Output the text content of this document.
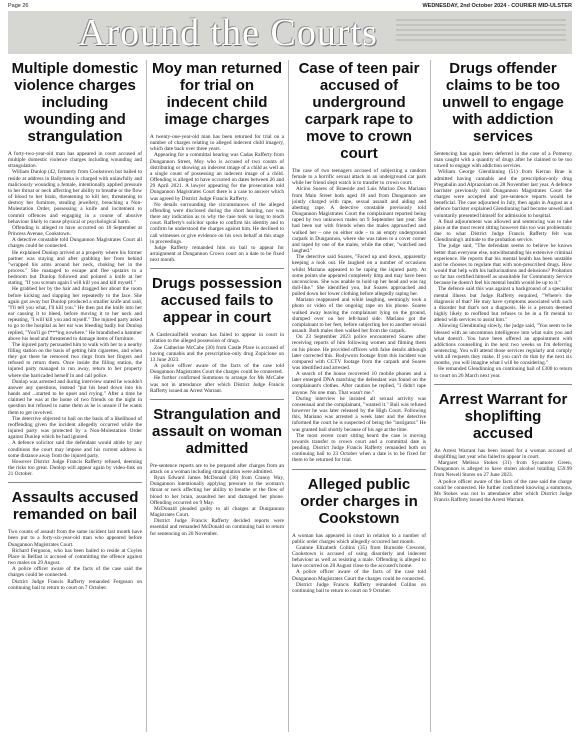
Page 26	WEDNESDAY, 2nd October 2024 - COURIER MID-ULSTER
Around the Courts
Multiple domestic violence charges including wounding and strangulation

A forty-two-year-old man has appeared in court accused of multiple domestic violence charges including wounding and strangulation.

William Dunlop (42, formerly from Cookstown but bailed to reside at address in Ballymena is charged with unlawfully and maliciously wounding a female, intentionally applied pressure to her throat or neck affecting her ability to breathe or the flow of blood to her brain, threatening to kill her, threatening to destroy her furniture, stealing jewellery, breaching a Non-Molestation Order, possessing a knife and incitement to commit offences and engaging in a course of abusive behaviour likely to cause physical or psychological harm.

Offending is alleged to have occurred on 18 September at Princess Avenue, Cookstown.

A detective constable told Dungannon Magistrates Court all charges could be connected.

He explained Dunlop arrived at a property where his former partner was staying and after grabbing her from behind "wrapped his arms around her neck, choking her in the process." She managed to escape and flee upstairs to a bedroom but Dunlop followed and pointed a knife at her stating, "If you scream again I will kill you and kill myself."

He grabbed her by the hair and dragged her about the room before kicking and slapping her repeatedly to the face. She again got away but Dunlop produced a smaller knife and said, "I'll tell you what, I'll kill you." He then put the knife into her ear causing it to bleed, before moving it to her neck and repeating, "I will kill you and myself." The injured party asked to go to the hospital as her ear was bleeding badly but Dunlop replied, "You'll go f***ing nowhere." He brandished a hammer above his head and threatened to damage items of furniture.

The injured party persuaded him to walk with her to a nearby filling station on the basis of getting him cigarettes, and when they got there he removed two rings from her fingers and refused to return them. Once inside the filling station, the injured party managed to run away, return to her property where she barricaded herself in and call police.

Dunlop was arrested and during interview stated he wouldn't answer any questions, instead "put his head down into his hands and ...started to be upset and crying." After a time he claimed he was at the home of two friends on the night in question but refused to name them as he is unsure if he wants them to get involved.

The detective objected to bail on the basis of a likelihood of reoffending given the incident allegedly occurred while the injured party was protected by a Non-Molestation Order against Dunlop which he had ignored.

A defence solicitor said the defendant would abide by any conditions the court may impose and his current address is some distance away from the injured party.

However District Judge Francis Rafferty refused, deeming the risks too great. Dunlop will appear again by video-link on 21 October.

Assaults accused remanded on bail

Two counts of assault from the same incident last month have been put to a forty-six-year-old man who appeared before Dungannon Magistrates Court.

Richard Ferguson, who has been bailed to reside at Coyles Place in Belfast is accused of committing the offence against two males on 29 August.

A police officer aware of the facts of the case said the charges could be connected.

District Judge Francis Rafferty remanded Ferguson on continuing bail to return to court on 7 October.

Moy man returned for trial on indecent child image charges

A twenty-one-year-old man has been returned for trial on a number of charges relating to alleged indecent child imagery, which date back over three years.

Appearing for a committal hearing was Cadas Rafferty from Dungannon Street, Moy who is accused of two counts of distributing or showing an indecent image of a child as well as a single count of possessing an indecent image of a child. Offending is alleged to have occurred on dates between 26 and 29 April 2021. A lawyer appearing for the prosecution told Dungannon Magistrates Court there is a case to answer which was agreed by District Judge Francis Rafferty.

No details surrounding the circumstances of the alleged offending were disclosed during the short hearing, nor was there any indication as to why the case took so long to reach court. Rafferty's solicitor spoke to confirm his identity and to confirm he understood the charges against him. He declined to call witnesses or give evidence on his own behalf at this stage in proceedings.

Judge Rafferty remanded him on bail to appear for arraignment at Dungannon Crown court on a date to be fixed next month.

Drugs possession accused fails to appear in court

A Castlecaulfield woman has failed to appear in court in relation to the alleged possession of drugs.

Zoe Catherine McCabe (30) from Castle Place is accused of having cannabis and the prescription-only drug Zopiclone on 13 June 2023.

A police officer aware of the facts of the case told Dungannon Magistrates Court the charges could be connected.

He further confirmed Summons to arrange for Ms McCabe was not in attendance after which District Judge Francis Rafferty issued an Arrest Warrant.

Strangulation and assault on woman admitted

Pre-sentence reports are to be prepared after charges from an attack on a woman including strangulation were admitted.

Ryan Edward James McDonald (36) from Cranny Way, Dungannon intentionally applying pressure to the woman's throat or neck affecting her ability to breathe or the flow of blood to her brain, assaulted her and damaged her phone. Offending occurred on 9 May.

McDonald pleaded guilty to all charges at Dungannon Magistrates Court.

District Judge Francis Rafferty decided reports were essential and remanded McDonald on continuing bail to return for sentencing on 20 November.

Case of teen pair accused of underground carpark rape to move to crown court

The case of two teenagers accused of subjecting a random female to a horrific sexual attack in an underground car park while her friend slept watch is to transfer to crown court.

Alcino Soares of Braeside and Luis Marino Dos Mariano from Main Street both aged 18 and from Dungannon are jointly charged with rape, sexual assault and aiding and abetting rape. A detective constable previously told Dungannon Magistrates Court the complainant reported being raped by two unknown males on 9 September last year. She had been out with friends when the males approached and walked her – one on either side – to an empty underground carpark in Dungannon, where she was taken to a cover corner and raped by one of the males, while the other, "watched and laughed."

The detective said Soares, "Faced up and down, apparently keeping a look out. He laughed on a number of occasions whilst Mariano appeared to be raping the injured party. At some points she appeared completely limp and may have been unconscious. She was unable to hold up her head and was rag doll-like." She identified you, but Soares approached and pulled down her lower clothing before allegedly raping her.

Mariano reappeared and while laughing, seemingly took a photo or video of the ongoing rape on his phone. Soares walked away leaving the complainant lying on the ground, slumped over on her left-hand side. Mariano got the complainant to her feet, before subjecting her to another sexual assault. Both males then walked her from the carpark.

On 23 September 2023 police encountered Soares after receiving reports of him following women and filming them on his phone. He provided officers with false details although later corrected this. Bodyworn footage from this incident was compared with CCTV footage from the carpark and Soares was identified and arrested.

A search of the house recovered 10 mobile phones and a later emerged DNA matching the defendant was found on the complainant's clothes. After caution he replied, "I didn't rape anyone. No one man. That wasn't me."

During interview he insisted all sexual activity was consensual and the complainant, "wanted it." Bail was refused however he was later released by the High Court. Following this, Mariano was arrested a week later and the detective informed the court he is suspected of being the "instigator." He was granted bail shortly because of his age at the time.

The most recent court sitting heard the case is moving towards transfer to crown court and a committal date is pending. District Judge Francis Rafferty remanded both on continuing bail to 23 October when a date is to be fixed for them to be returned for trial.

Alleged public order charges in Cookstown

A woman has appeared in court in relation to a number of public order charges which allegedly occurred last month.

Grainne Elizabeth Collins (35) from Burnside Crescent, Cookstown is accused of using disorderly and indecent behaviour as well as resisting a male. Offending is alleged to have occurred on 28 August close to the accused's home.

A police officer aware of the facts of the case told Dungannon Magistrates Court the charges could be connected.

District Judge Francis Rafferty remanded Collins on continuing bail to return to court on 9 October.

Drugs offender claims to be too unwell to engage with addiction services

Sentencing has again been deferred in the case of a Pomeroy man caught with a quantity of drugs after he claimed to be too unwell to engage with addiction services.

William George Glendinning (51) from Kerran Brae is admitted having cannabis and the prescription-only drug Pregabalin and Alprazolam on 28 November last year. A defence barrister previously told Dungannon Magistrates Court the charges were accepted and pre-sentence reports would be beneficial. The case adjourned in July, then again in August as a defence barrister explained Glendinning had become unwell and voluntarily presented himself for admission to hospital.

A final adjournment was allowed and sentencing was to take place at the most recent sitting however this too was problematic due to what District Judge Francis Rafferty felt was Glendinning's attitude to the probation service.

The judge said, "The defendant seems to believe he knows better than everyone else, notwithstanding his extensive criminal experience. He reports that his mental health has been unstable and he chooses to regulate that with non-prescribed drugs. How would that help with his hallucinations and delusions? Probation so far has certified himself as unsuitable for Community Service because he doesn't feel his mental health would be up to it."

The defence said this was against a background of a specialist mental illness but Judge Rafferty enquired, "Where's the diagnosis of that? He may have symptoms associated with such a disorder but that's not a diagnosis. He is a person deemed highly likely to reoffend but refuses to be in a fit mental to attend with services to assist him."

Allowing Glendinning slowly, the judge said, "You seem to be blessed with an uncommon intelligence into what suits you and what doesn't. You have been offered an appointment with addictions counselling in the next two weeks so I'm deferring sentencing. You will attend those services regularly and comply with all requests they make. If you can't do that by the next six months, you will imagine what I will be considering."

He remanded Glendinning on continuing bail of £300 to return to court on 26 March next year.

Arrest Warrant for shoplifting accused

An Arrest Warrant has been issued for a woman accused of shoplifting last year who failed to appear in court.

Margaret Melissa Stokes (31) from Sycamore Green, Dungannon is alleged to have stolen alcohol totalling £59.99 from Newell Stores on 27 June 2023.

A police officer aware of the facts of the case said the charge could be connected. He further confirmed knowing a summons, Ms Stokes was not in attendance after which District Judge Francis Rafferty issued the Arrest Warrant.
